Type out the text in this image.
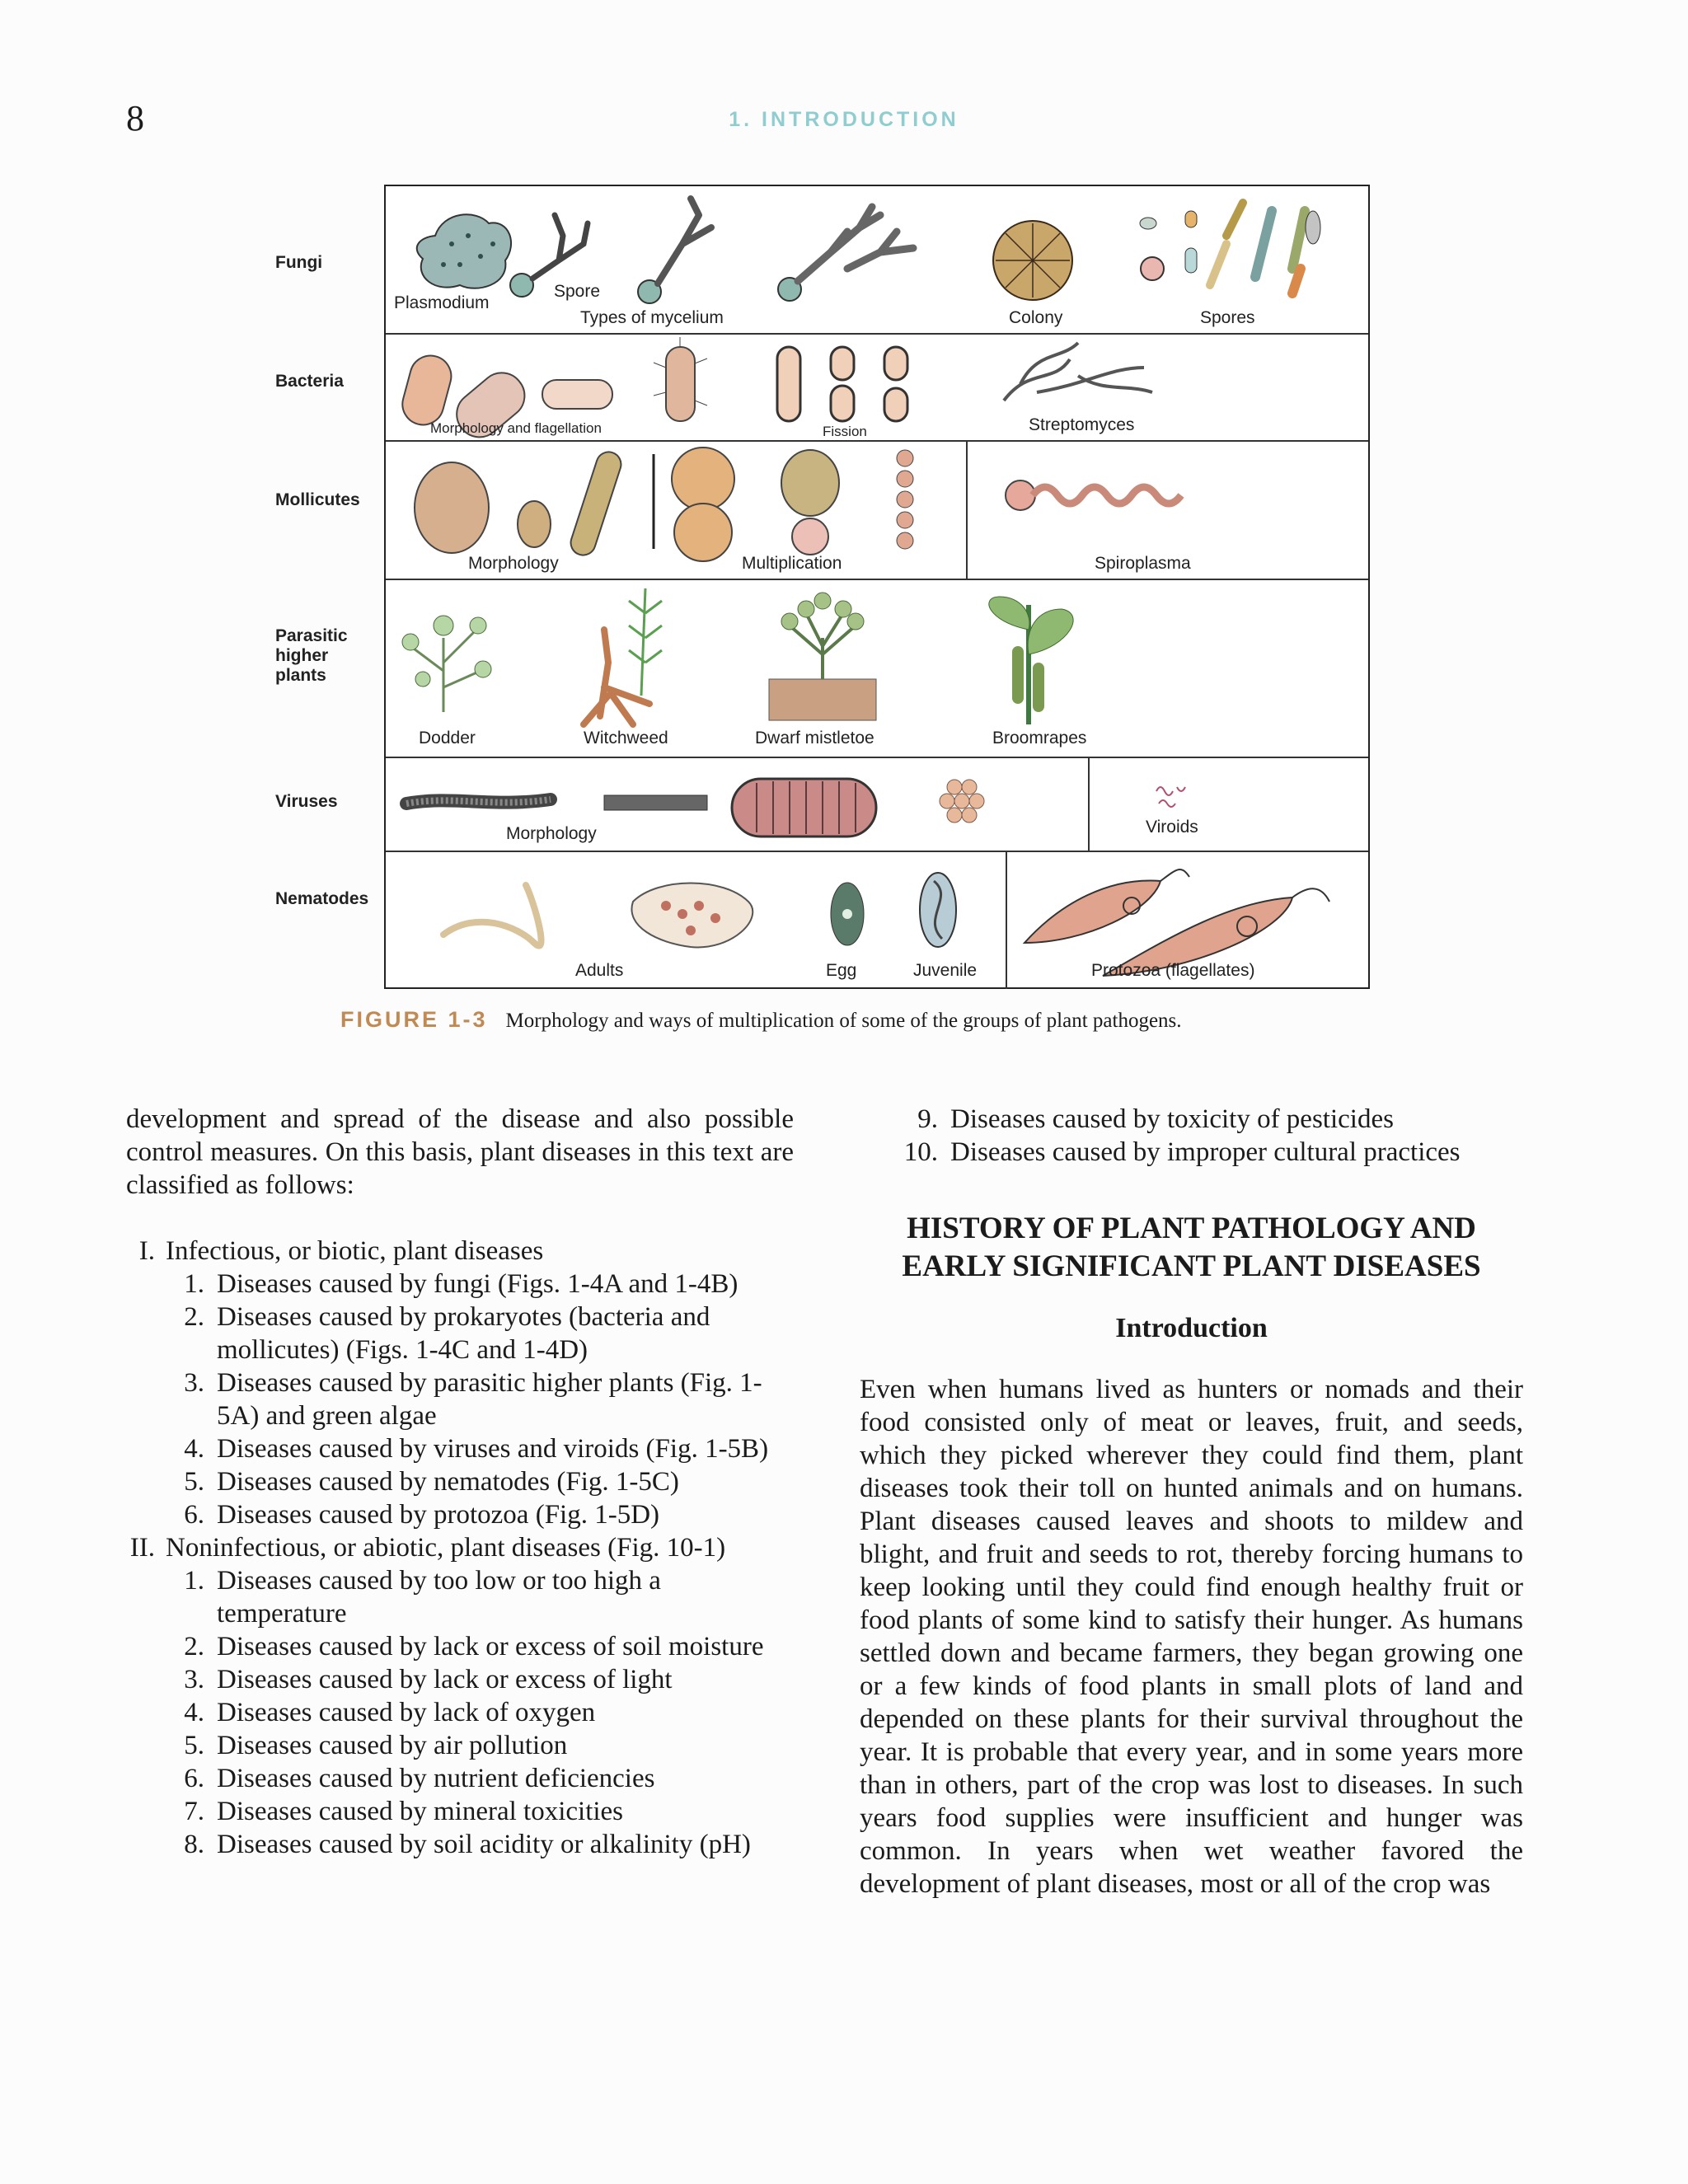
8	1. INTRODUCTION
Fungi
Bacteria
Mollicutes
Parasitic higher plants
Viruses
Nematodes
Plasmodium
Spore
Types of mycelium	Colony	Spores
Morphology and flagellation	Fission	Streptomyces
Morphology	Multiplication	Spiroplasma
Dodder	Witchweed	Dwarf mistletoe	Broomrapes
Morphology	Viroids
Adults	Egg	Juvenile	Protozoa (flagellates)
FIGURE 1-3 Morphology and ways of multiplication of some of the groups of plant pathogens.

development and spread of the disease and also possible control measures. On this basis, plant diseases in this text are classified as follows:

I. Infectious, or biotic, plant diseases
1. Diseases caused by fungi (Figs. 1-4A and 1-4B)
2. Diseases caused by prokaryotes (bacteria and mollicutes) (Figs. 1-4C and 1-4D)
3. Diseases caused by parasitic higher plants (Fig. 1-5A) and green algae
4. Diseases caused by viruses and viroids (Fig. 1-5B)
5. Diseases caused by nematodes (Fig. 1-5C)
6. Diseases caused by protozoa (Fig. 1-5D)
II. Noninfectious, or abiotic, plant diseases (Fig. 10-1)
1. Diseases caused by too low or too high a temperature
2. Diseases caused by lack or excess of soil moisture
3. Diseases caused by lack or excess of light
4. Diseases caused by lack of oxygen
5. Diseases caused by air pollution
6. Diseases caused by nutrient deficiencies
7. Diseases caused by mineral toxicities
8. Diseases caused by soil acidity or alkalinity (pH)
9. Diseases caused by toxicity of pesticides
10. Diseases caused by improper cultural practices
HISTORY OF PLANT PATHOLOGY AND EARLY SIGNIFICANT PLANT DISEASES
Introduction

Even when humans lived as hunters or nomads and their food consisted only of meat or leaves, fruit, and seeds, which they picked wherever they could find them, plant diseases took their toll on hunted animals and on humans. Plant diseases caused leaves and shoots to mildew and blight, and fruit and seeds to rot, thereby forcing humans to keep looking until they could find enough healthy fruit or food plants of some kind to satisfy their hunger. As humans settled down and became farmers, they began growing one or a few kinds of food plants in small plots of land and depended on these plants for their survival throughout the year. It is probable that every year, and in some years more than in others, part of the crop was lost to diseases. In such years food supplies were insufficient and hunger was common. In years when wet weather favored the development of plant diseases, most or all of the crop was
